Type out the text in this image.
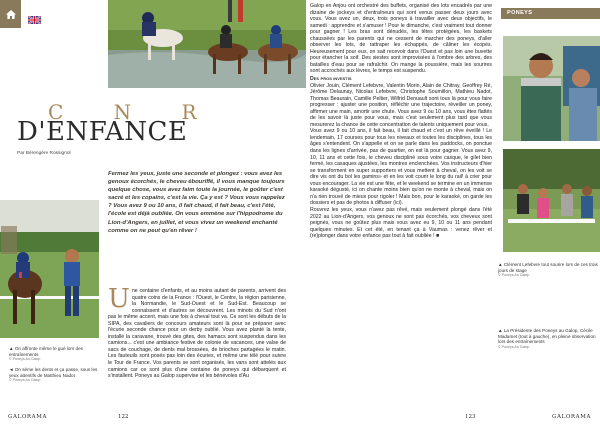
C N R
D'ENFANCE
Par Bérengère Rossignol
Fermez les yeux, juste une seconde et plongez : vous avez les genoux écorchés, le cheveu ébouriffé, il vous manque toujours quelque chose, vous avez faim toute la journée, le goûter c'est sacré et les copains, c'est la vie. Ça y est ? Vous vous rappelez ? Vous avez 9 ou 10 ans, il fait chaud, il fait beau, c'est l'été, l'école est déjà oubliée. On vous emmène sur l'hippodrome du Lion-d'Angers, en juillet, et vous vivez un weekend enchanté comme on ne peut qu'en rêver !
▲ On affronte même le gué lors des entraînements
© Poneys Au Galop
◄ On sème les dents et ça passe, sous les yeux attentifs de Matthieu Nadot
© Poneys Au Galop
Une centaine d'enfants, et au moins autant de parents, arrivent des quatre coins de la France : l'Ouest, le Centre, la région parisienne, la Normandie, le Sud-Ouest et le Sud-Est. Beaucoup se connaissent et d'autres se découvrent. Les minots du Sud n'ont pas le même accent, mais une fois à cheval tout va. Ce sont les débuts de la SIPA, des cavaliers de concours amateurs sont là pour se préparer avec l'écurie seconde chance pour un derby oublié. Vous avez planté la tente, installé la caravane, trouvé des gites, des hamacs sont suspendus dans les camions... c'est une ambiance festive de colonie de vacances, une valse de sacs de couchage, de dents mal brossées, de brioches partagées le matin. Les fauteuils sont posés pas loin des écuries, et même une télé pour suivre le Tour de France. Vos parents se sont organisés, les vans sont attelés aux camions car ce sont plus d'une centaine de poneys qui débarquent et s'installent. Poneys au Galop supervise et les bénévoles d'Au
GALORAMA	122

Galop en Anjou ont orchestré des buffets, organisé des lots encadrés par une dizaine de jockeys et d'entraîneurs qui sont venus passer deux jours avec vous. Vous avez un, deux, trois poneys à travailler avec deux objectifs, le samedi : apprendre et s'amuser ! Pour le dimanche, c'est vraiment tout donner pour gagner ! Les bras sont dénudés, les têtes protégées, les baskets chaussées par les parents qui ne cessent de marcher des poneys, d'aller observer les lots, de rattraper les échappés, de câliner les écopés. Heureusement pour eux, on sait recevoir dans l'Ouest et pas loin une buvette pour étancher la soif. Des siestes sont improvisées à l'ombre des arbres, des batailles d'eau pour se rafraîchir. On mange la poussière, mais les sourires sont accrochés aux lèvres, le temps est suspendu.

Des pros investis

Olivier Jouin, Clément Lefebvre, Valentin Morin, Alain de Chitray, Geoffrey Ré, Jérôme Delaunay, Nicolas Lefebvre, Christophe Soumillon, Mathieu Nadot, Thomas Beaurain, Camille Peltier, Wilfrid Denuault sont tous là pour vous faire progresser : ajuster une position, réfléchir une trajectoire, réveiller un poney, affirmer une main, amortir une chute. Vous avez 9 ou 10 ans, vous êtes flattés de les savoir là juste pour vous, mais c'est seulement plus tard que vous mesurerez la chance de cette concentration de talents uniquement pour vous.

Vous avez 9 ou 10 ans, il fait beau, il fait chaud et c'est un rêve éveillé ! Le lendemain, 17 courses pour tous les niveaux et toutes les disciplines, tous les âges s'entendent. On s'appelle et on se parle dans les paddocks, on ponctue dans les lignes d'arrivée, pas de quartier, on est là pour gagner. Vous avez 9, 10, 11 ans et cette fois, le cheveu discipliné sous votre casque, le gilet bien fermé, les casaques ajustées, les montres enclenchées. Vos instructeurs d'hier se transforment en super supporters et vous mettent à cheval, on les voit se dire vis ont du bol les gamins» et en les voit courir le long du rail! à crier pour vous encourager. La vie est une fête, et le weekend se termine en un immense karaoké dégusté, ici on chante moins bien qu'on ne monte à cheval, mais on n'a rien trouvé de mieux pour rigoler ! Mais bon, pour le karaoké, on garde les dossiers et pas de photos à diffuser (ici).

Rouvrez les yeux, vous n'avez pas rêvé, mais seulement plongé dans l'été 2022 au Lion-d'Angers, vos genoux ne sont pas écorchés, vos cheveux sont peignés, vous ne goûtez plus mais vous avez eu 9, 10 ou 11 ans pendant quelques minutes. Et cet été, en tenant ça à Vaumas : venez rêver et (re)plonger dans votre enfance pas tout à fait oubliée ! ■

PONEYS
▲ Clément Lefebvre tout sourire lors de ces trois jours de stage
© Poneys Au Galop
▲ La Présidente des Poneys au Galop, Cécile Madamet (tout à gauche), en pleine observation lors des entraînements
© Poneys Au Galop
123	GALORAMA
